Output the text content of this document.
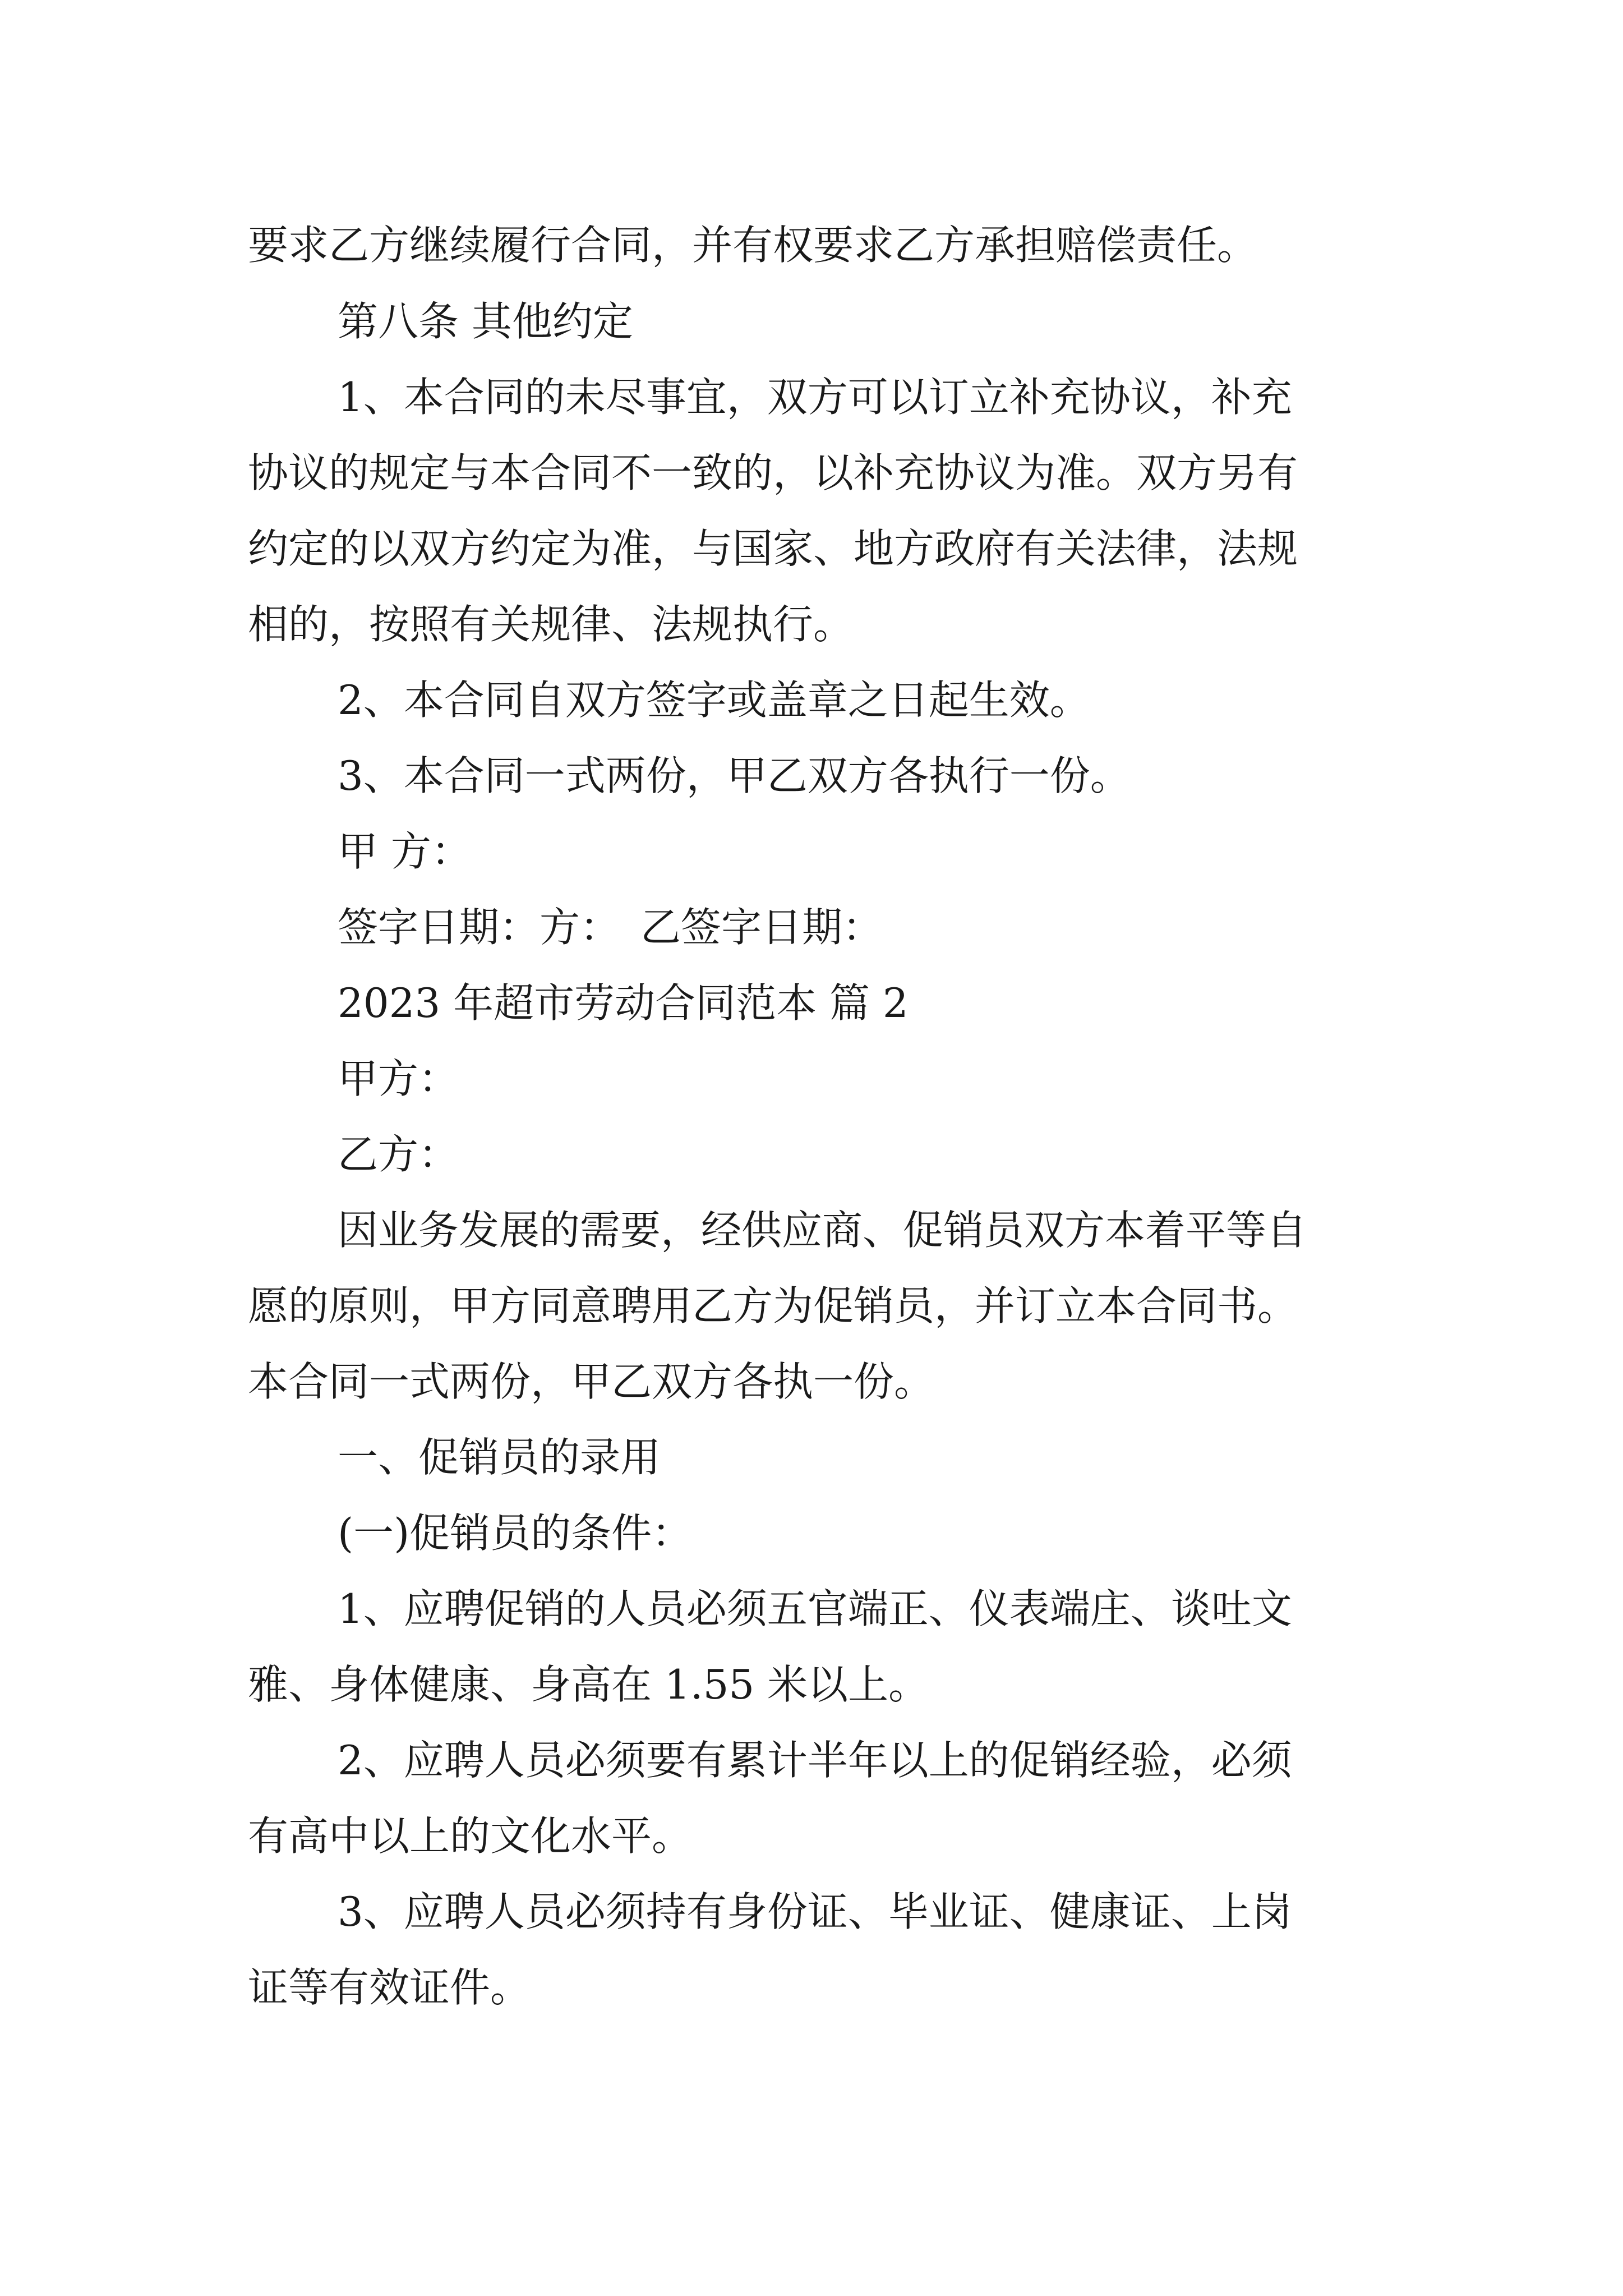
要求乙方继续履行合同，并有权要求乙方承担赔偿责任。

第八条 其他约定

1、本合同的未尽事宜，双方可以订立补充协议，补充

协议的规定与本合同不一致的，以补充协议为准。双方另有

约定的以双方约定为准，与国家、地方政府有关法律，法规

相的，按照有关规律、法规执行。

2、本合同自双方签字或盖章之日起生效。

3、本合同一式两份，甲乙双方各执行一份。

甲 方：

签字日期：方：　乙签字日期：

2023 年超市劳动合同范本 篇 2

甲方：

乙方：

因业务发展的需要，经供应商、促销员双方本着平等自

愿的原则，甲方同意聘用乙方为促销员，并订立本合同书。

本合同一式两份，甲乙双方各执一份。

一、促销员的录用

(一)促销员的条件：

1、应聘促销的人员必须五官端正、仪表端庄、谈吐文

雅、身体健康、身高在 1.55 米以上。

2、应聘人员必须要有累计半年以上的促销经验，必须

有高中以上的文化水平。

3、应聘人员必须持有身份证、毕业证、健康证、上岗

证等有效证件。
